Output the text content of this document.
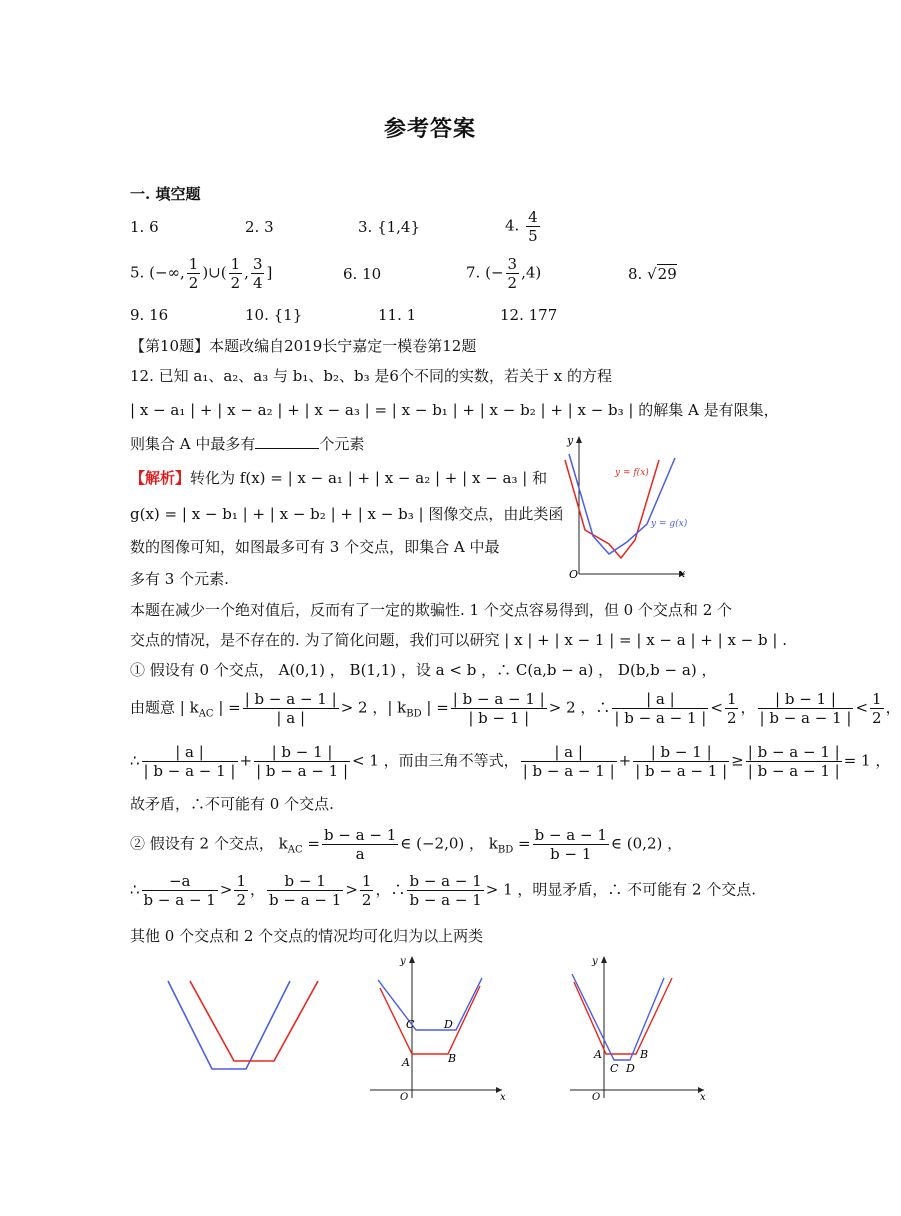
参考答案
一. 填空题
1. 6	2. 3	3. {1,4}	4. $\frac{4}{5}$
5. (−∞, $\frac{1}{2}$ )∪( $\frac{1}{2}$ , $\frac{3}{4}$ ]	6. 10	7. (− $\frac{3}{2} ,4$)	8. √29
9. 16	10. {1}	11. 1	12. 177
【第10题】本题改编自2019长宁嘉定一模卷第12题
12. 已知 a₁、a₂、a₃ 与 b₁、b₂、b₃ 是6个不同的实数，若关于 x 的方程
| x − a₁ | + | x − a₂ | + | x − a₃ | = | x − b₁ | + | x − b₂ | + | x − b₃ | 的解集 A 是有限集，
则集合 A 中最多有	个元素
【解析】转化为 f(x) = | x − a₁ | + | x − a₂ | + | x − a₃ | 和
g(x) = | x − b₁ | + | x − b₂ | + | x − b₃ | 图像交点，由此类函
数的图像可知，如图最多可有 3 个交点，即集合 A 中最
多有 3 个元素.
y
x
O
y = f(x)
y = g(x)
本题在减少一个绝对值后，反而有了一定的欺骗性. 1 个交点容易得到，但 0 个交点和 2 个
交点的情况，是不存在的. 为了简化问题，我们可以研究 | x | + | x − 1 | = | x − a | + | x − b | .
① 假设有 0 个交点， A(0,1) ， B(1,1) ，设 a < b ，∴ C(a,b − a) ， D(b,b − a) ，
由题意 | $k_{AC}$ | = $\frac{| b - a - 1 |}{| a |} > 2$ ，| $k_{BD}$ | = $\frac{| b - a - 1 |}{| b - 1 |} > 2$ ，∴ $\frac{| a |}{| b - a - 1 |} < \frac{1}{2}$ ， $\frac{| b - 1 |}{| b - a - 1 |} < \frac{1}{2}$ ，
∴ $\frac{| a |}{| b - a - 1 |} + \frac{| b - 1 |}{| b - a - 1 |} < 1$ ，而由三角不等式， $\frac{| a |}{| b - a - 1 |} + \frac{| b - 1 |}{| b - a - 1 |} \ge \frac{| b - a - 1 |}{| b - a - 1 |} = 1$ ，
故矛盾，∴不可能有 0 个交点.
② 假设有 2 个交点， $k_{AC} = \frac{b - a - 1}{a}$ ∈ (−2,0) ， $k_{BD} = \frac{b - a - 1}{b - 1}$ ∈ (0,2) ，
∴ $\frac{-a}{b - a - 1} > \frac{1}{2}$ ， $\frac{b - 1}{b - a - 1} > \frac{1}{2}$ ，∴ $\frac{b - a - 1}{b - a - 1} > 1$ ，明显矛盾，∴ 不可能有 2 个交点.
其他 0 个交点和 2 个交点的情况均可化归为以上两类
y
x
O
C	D
A	B
y
x
O
A	B
C D
